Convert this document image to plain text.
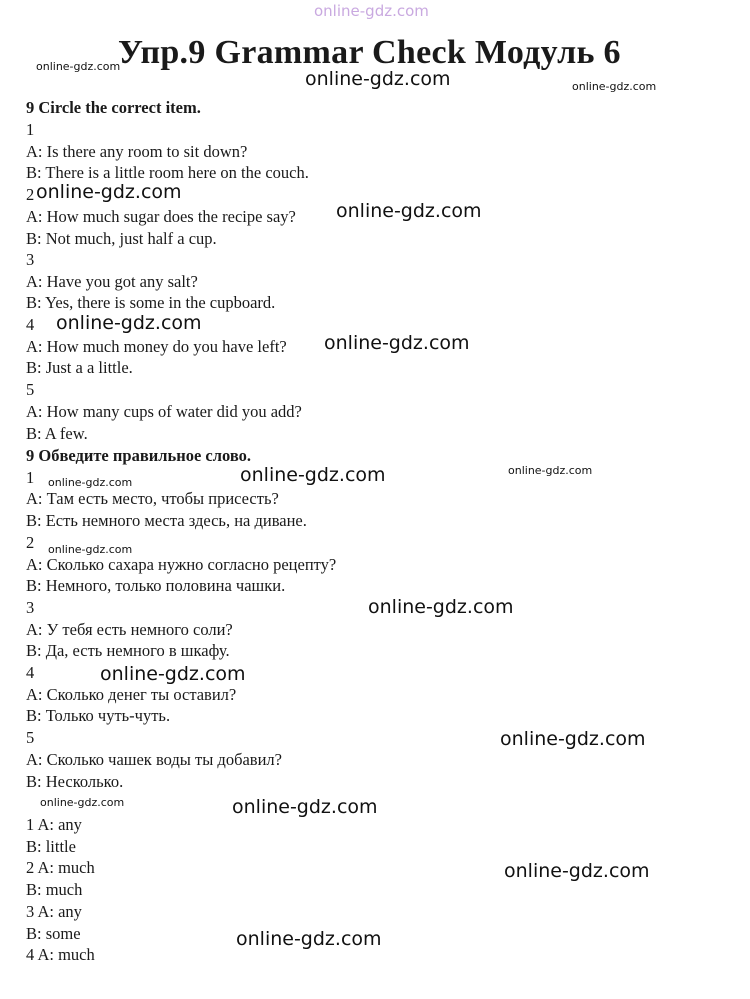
online-gdz.com
Упр.9 Grammar Check Модуль 6
9 Circle the correct item.
1
A: Is there any room to sit down?
B: There is a little room here on the couch.
2
A: How much sugar does the recipe say?
B: Not much, just half a cup.
3
A: Have you got any salt?
B: Yes, there is some in the cupboard.
4
A: How much money do you have left?
B: Just a a little.
5
A: How many cups of water did you add?
B: A few.
9 Обведите правильное слово.
1
A: Там есть место, чтобы присесть?
B: Есть немного места здесь, на диване.
2
A: Сколько сахара нужно согласно рецепту?
B: Немного, только половина чашки.
3
A: У тебя есть немного соли?
B: Да, есть немного в шкафу.
4
A: Сколько денег ты оставил?
B: Только чуть-чуть.
5
A: Сколько чашек воды ты добавил?
B: Несколько.
1 A: any
B: little
2 A: much
B: much
3 A: any
B: some
4 A: much
online-gdz.com
online-gdz.com	online-gdz.com
online-gdz.com
online-gdz.com
online-gdz.com
online-gdz.com
online-gdz.com	online-gdz.com
online-gdz.com
online-gdz.com
online-gdz.com
online-gdz.com
online-gdz.com
online-gdz.com	online-gdz.com
online-gdz.com
online-gdz.com
